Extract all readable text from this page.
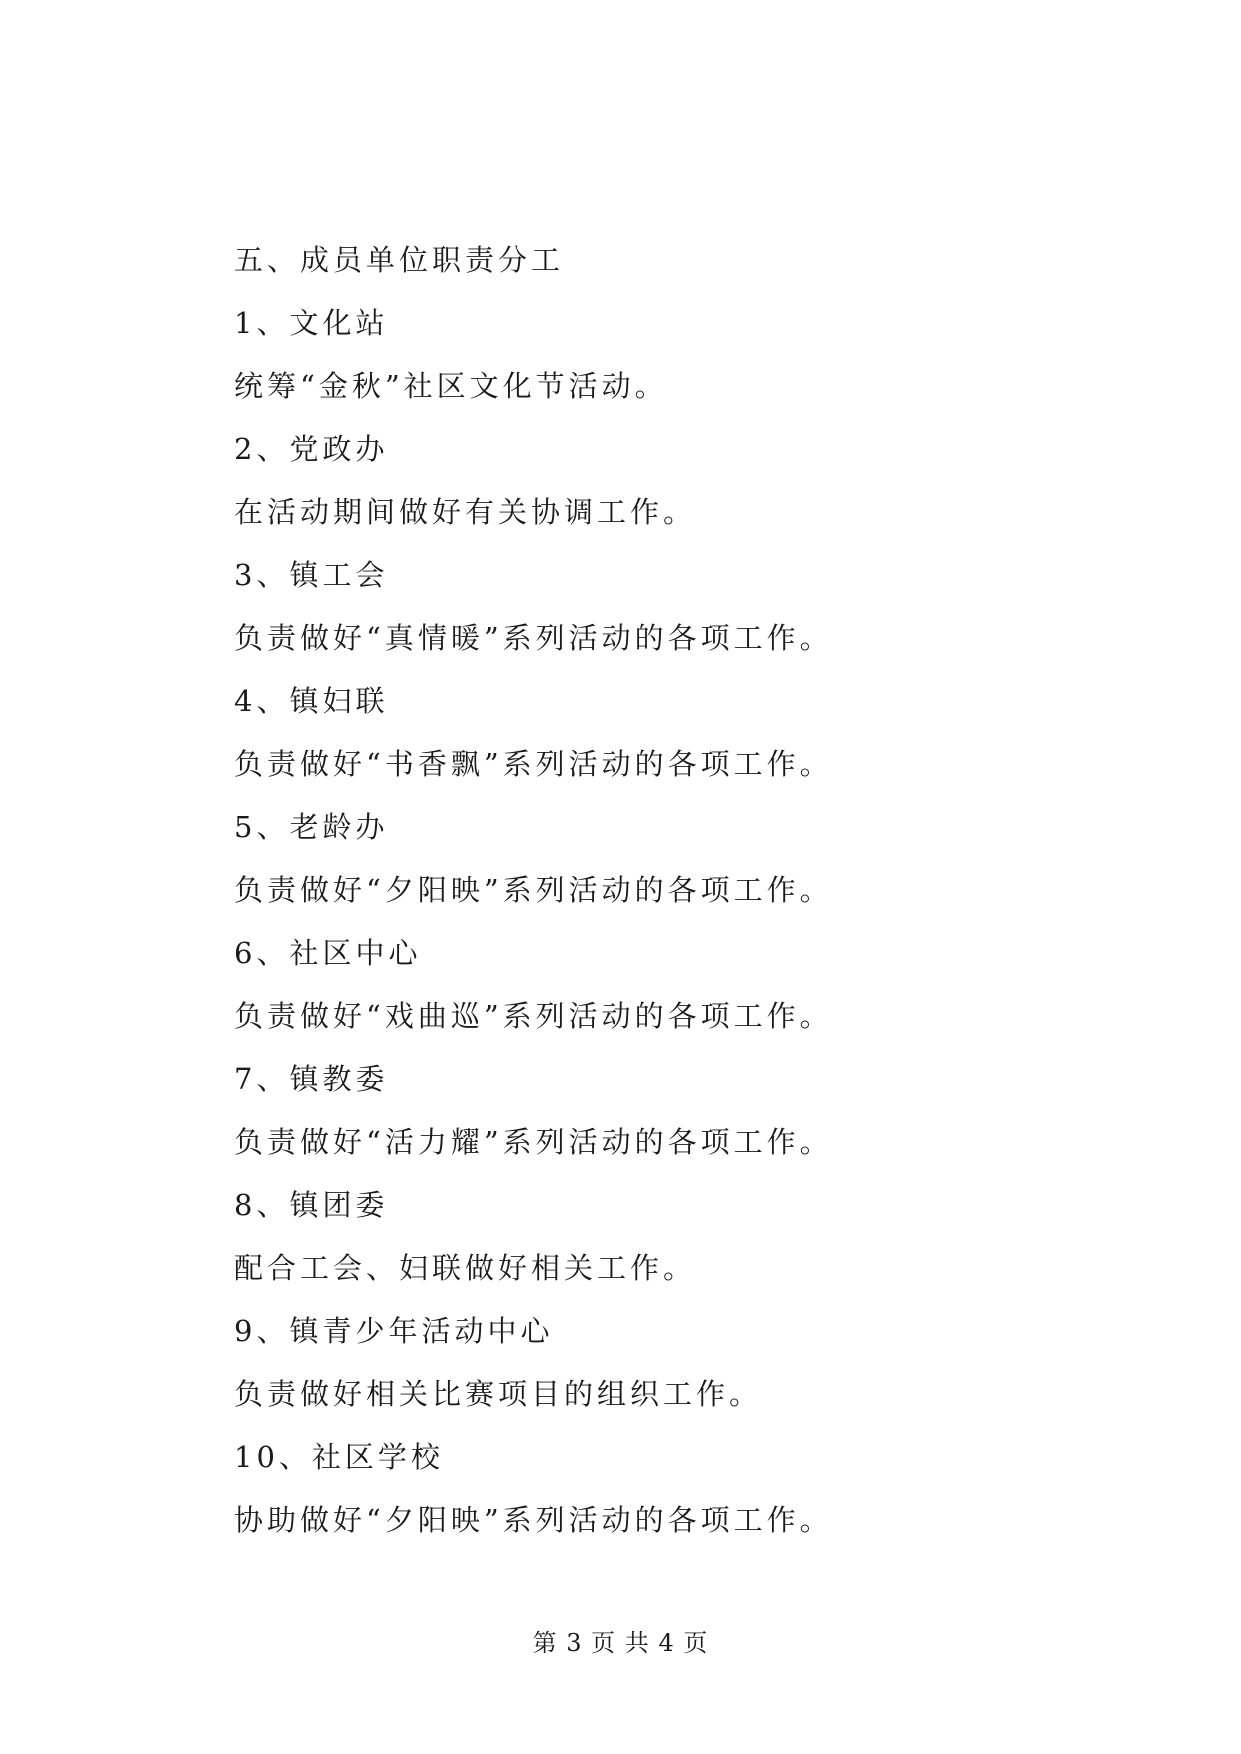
五、成员单位职责分工
1、文化站
统筹“金秋”社区文化节活动。
2、党政办
在活动期间做好有关协调工作。
3、镇工会
负责做好“真情暖”系列活动的各项工作。
4、镇妇联
负责做好“书香飘”系列活动的各项工作。
5、老龄办
负责做好“夕阳映”系列活动的各项工作。
6、社区中心
负责做好“戏曲巡”系列活动的各项工作。
7、镇教委
负责做好“活力耀”系列活动的各项工作。
8、镇团委
配合工会、妇联做好相关工作。
9、镇青少年活动中心
负责做好相关比赛项目的组织工作。
10、社区学校
协助做好“夕阳映”系列活动的各项工作。
第 3 页 共 4 页
